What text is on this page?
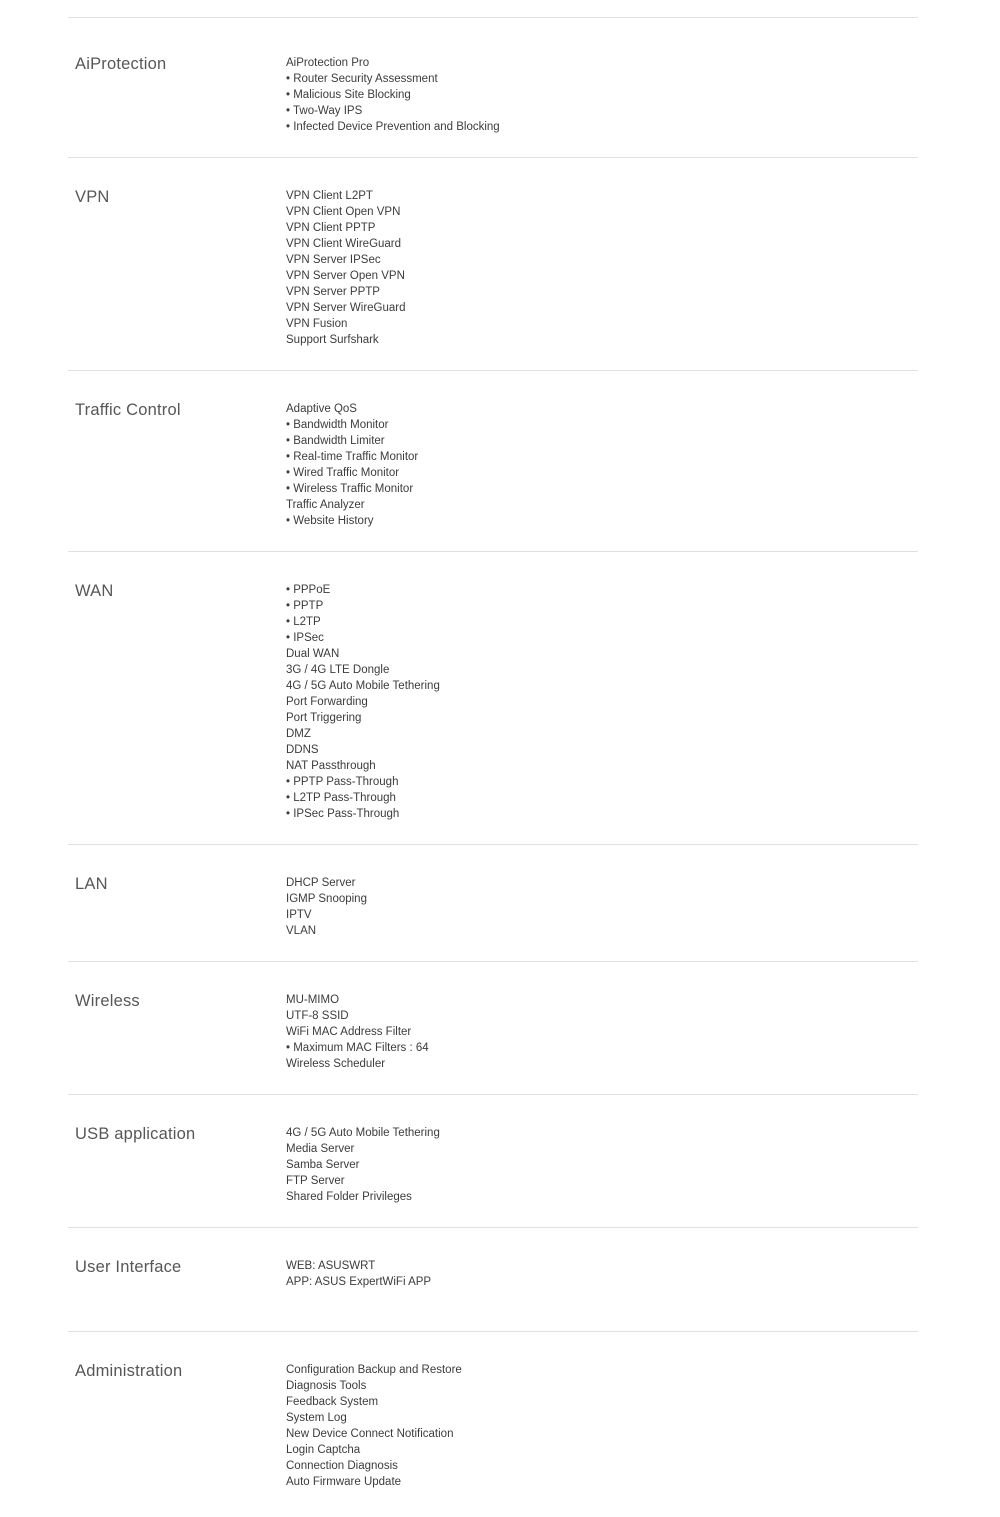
AiProtection	AiProtection Pro
• Router Security Assessment
• Malicious Site Blocking
• Two-Way IPS
• Infected Device Prevention and Blocking
VPN	VPN Client L2PT
VPN Client Open VPN
VPN Client PPTP
VPN Client WireGuard
VPN Server IPSec
VPN Server Open VPN
VPN Server PPTP
VPN Server WireGuard
VPN Fusion
Support Surfshark
Traffic Control	Adaptive QoS
• Bandwidth Monitor
• Bandwidth Limiter
• Real-time Traffic Monitor
• Wired Traffic Monitor
• Wireless Traffic Monitor
Traffic Analyzer
• Website History
WAN	• PPPoE
• PPTP
• L2TP
• IPSec
Dual WAN
3G / 4G LTE Dongle
4G / 5G Auto Mobile Tethering
Port Forwarding
Port Triggering
DMZ
DDNS
NAT Passthrough
• PPTP Pass-Through
• L2TP Pass-Through
• IPSec Pass-Through
LAN	DHCP Server
IGMP Snooping
IPTV
VLAN
Wireless	MU-MIMO
UTF-8 SSID
WiFi MAC Address Filter
• Maximum MAC Filters : 64
Wireless Scheduler
USB application	4G / 5G Auto Mobile Tethering
Media Server
Samba Server
FTP Server
Shared Folder Privileges
User Interface	WEB: ASUSWRT
APP: ASUS ExpertWiFi APP
Administration	Configuration Backup and Restore
Diagnosis Tools
Feedback System
System Log
New Device Connect Notification
Login Captcha
Connection Diagnosis
Auto Firmware Update
